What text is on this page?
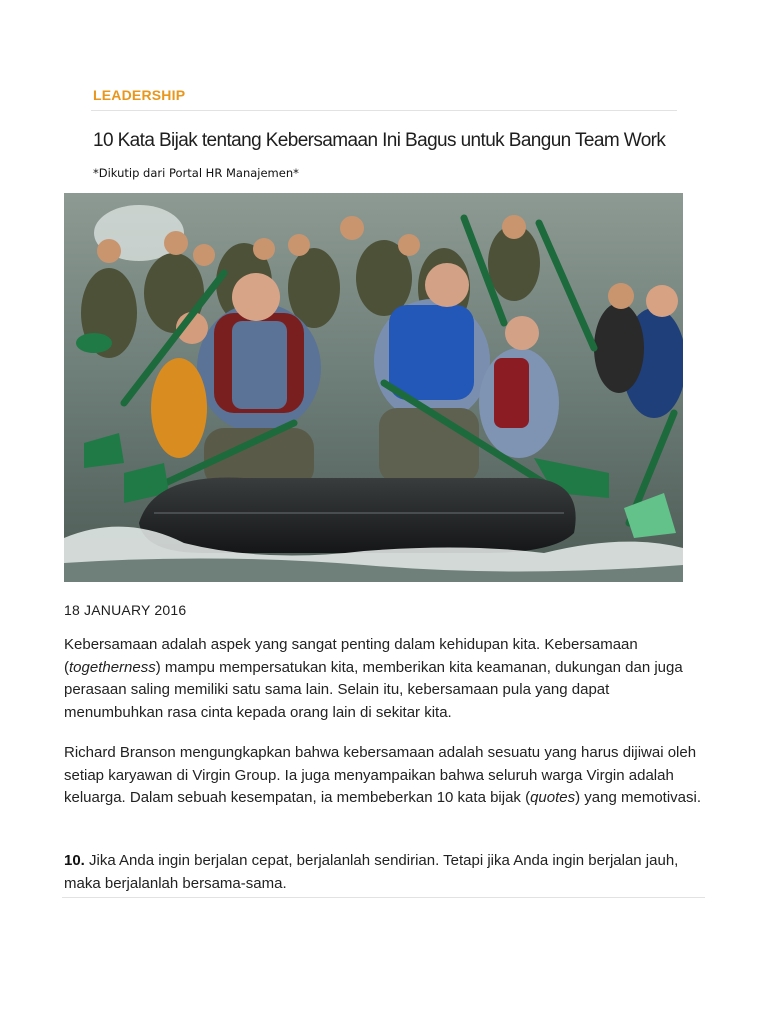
LEADERSHIP
10 Kata Bijak tentang Kebersamaan Ini Bagus untuk Bangun Team Work
*Dikutip dari Portal HR Manajemen*
18 JANUARY 2016

Kebersamaan adalah aspek yang sangat penting dalam kehidupan kita. Kebersamaan (togetherness) mampu mempersatukan kita, memberikan kita keamanan, dukungan dan juga perasaan saling memiliki satu sama lain. Selain itu, kebersamaan pula yang dapat menumbuhkan rasa cinta kepada orang lain di sekitar kita.

Richard Branson mengungkapkan bahwa kebersamaan adalah sesuatu yang harus dijiwai oleh setiap karyawan di Virgin Group. Ia juga menyampaikan bahwa seluruh warga Virgin adalah keluarga. Dalam sebuah kesempatan, ia membeberkan 10 kata bijak (quotes) yang memotivasi.

10. Jika Anda ingin berjalan cepat, berjalanlah sendirian. Tetapi jika Anda ingin berjalan jauh, maka berjalanlah bersama-sama.
